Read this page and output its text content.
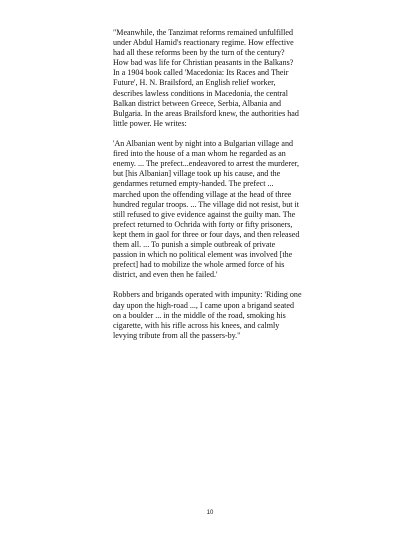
"Meanwhile, the Tanzimat reforms remained unfulfilled
under Abdul Hamid's reactionary regime. How effective
had all these reforms been by the turn of the century?
How bad was life for Christian peasants in the Balkans?
In a 1904 book called 'Macedonia: Its Races and Their
Future', H. N. Brailsford, an English relief worker,
describes lawless conditions in Macedonia, the central
Balkan district between Greece, Serbia, Albania and
Bulgaria. In the areas Brailsford knew, the authorities had
little power. He writes:

'An Albanian went by night into a Bulgarian village and
fired into the house of a man whom he regarded as an
enemy. ... The prefect...endeavored to arrest the murderer,
but [his Albanian] village took up his cause, and the
gendarmes returned empty-handed. The prefect ...
marched upon the offending village at the head of three
hundred regular troops. ... The village did not resist, but it
still refused to give evidence against the guilty man. The
prefect returned to Ochrida with forty or fifty prisoners,
kept them in gaol for three or four days, and then released
them all. ... To punish a simple outbreak of private
passion in which no political element was involved [the
prefect] had to mobilize the whole armed force of his
district, and even then he failed.'

Robbers and brigands operated with impunity: 'Riding one
day upon the high-road ..., I came upon a brigand seated
on a boulder ... in the middle of the road, smoking his
cigarette, with his rifle across his knees, and calmly
levying tribute from all the passers-by."

10
